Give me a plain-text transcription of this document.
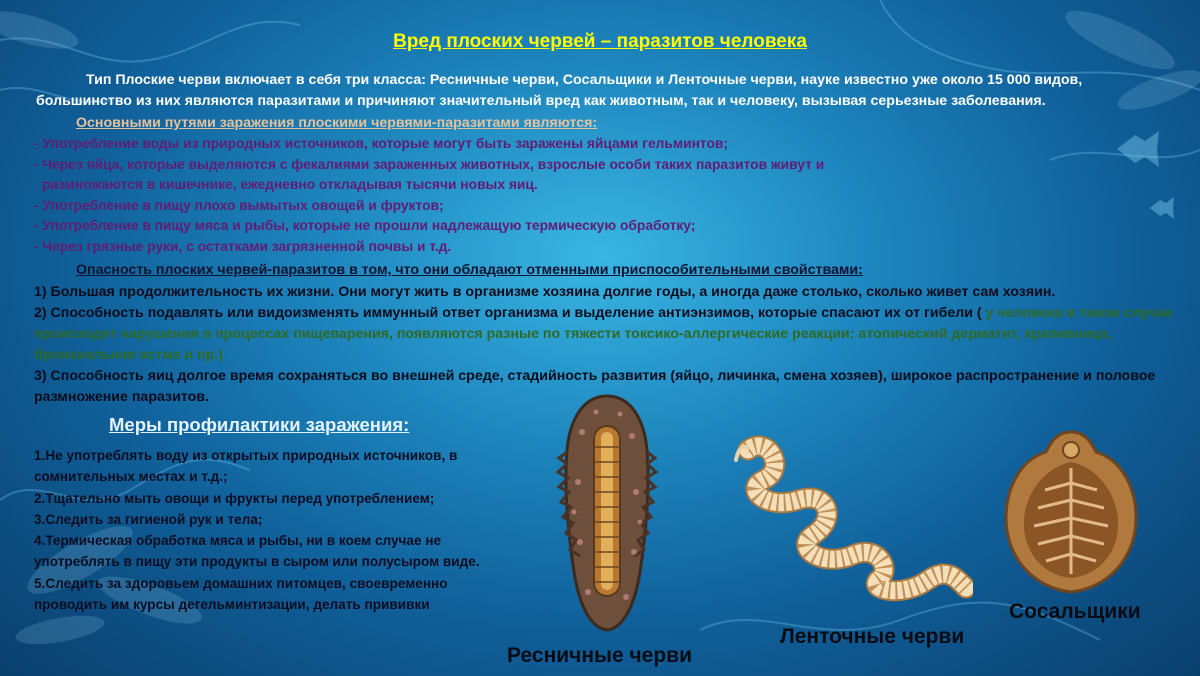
Вред плоских червей – паразитов человека

Тип Плоские черви включает в себя три класса: Ресничные черви, Сосальщики и Ленточные черви, науке известно уже около 15 000 видов, большинство из них являются паразитами и причиняют значительный вред как животным, так и человеку, вызывая серьезные заболевания.

Основными путями заражения плоскими червями-паразитами являются:
- Употребление воды из природных источников, которые могут быть заражены яйцами гельминтов;
- Через яйца, которые выделяются с фекалиями зараженных животных, взрослые особи таких паразитов живут и
размножаются в кишечнике, ежедневно откладывая тысячи новых яиц.
- Употребление в пищу плохо вымытых овощей и фруктов;
- Употребление в пищу мяса и рыбы, которые не прошли надлежащую термическую обработку;
- Через грязные руки, с остатками загрязненной почвы и т.д.
Опасность плоских червей-паразитов в том, что они обладают отменными приспособительными свойствами:

1) Большая продолжительность их жизни. Они могут жить в организме хозяина долгие годы, а иногда даже столько, сколько живет сам хозяин.

2) Способность подавлять или видоизменять иммунный ответ организма и выделение антиэнзимов, которые спасают их от гибели ( у человека в таком случае происходят нарушения в процессах пищеварения, появляются разные по тяжести токсико-аллергические реакции: атопический дерматит, крапивница, бронхиальная астма и пр.)

3) Способность яиц долгое время сохраняться во внешней среде, стадийность развития (яйцо, личинка, смена хозяев), широкое распространение и половое размножение паразитов.

Меры профилактики заражения:

1.Не употреблять воду из открытых природных источников, в сомнительных местах и т.д.;

2.Тщательно мыть овощи и фрукты перед употреблением;

3.Следить за гигиеной рук и тела;

4.Термическая обработка мяса и рыбы, ни в коем случае не употреблять в пищу эти продукты в сыром или полусыром виде.

5.Следить за здоровьем домашних питомцев, своевременно проводить им курсы дегельминтизации, делать прививки

Ресничные черви
Ленточные черви
Сосальщики
